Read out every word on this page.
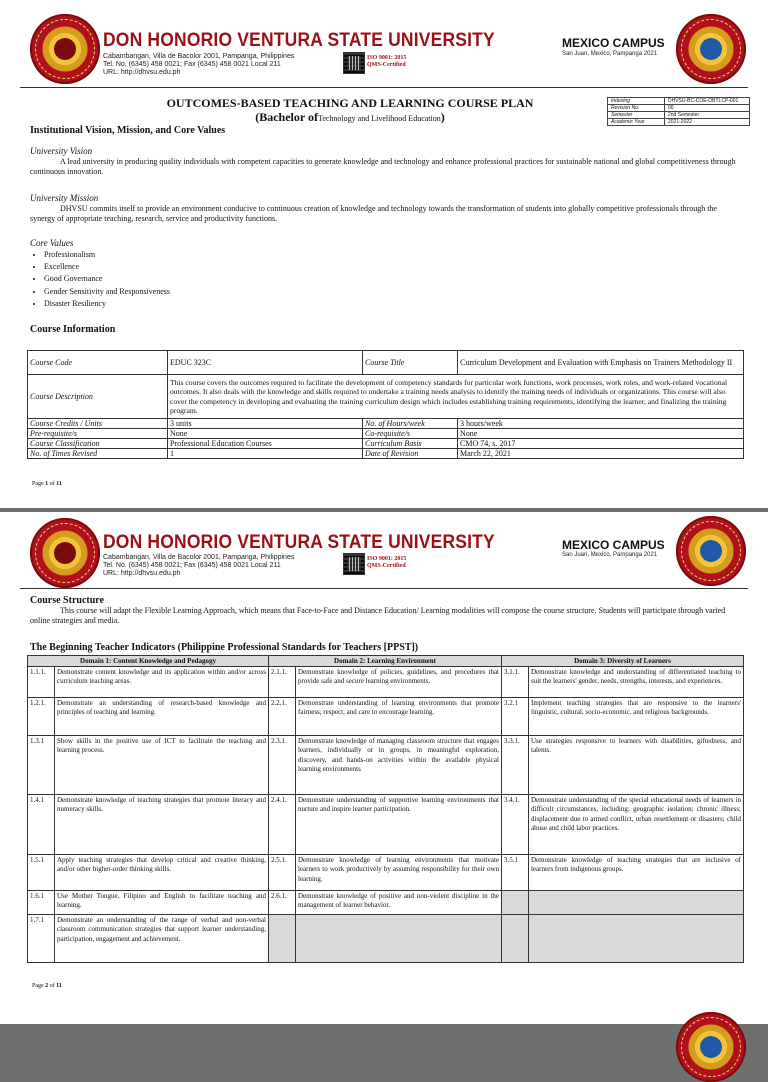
DON HONORIO VENTURA STATE UNIVERSITY
Cabambangan, Villa de Bacolor 2001, Pampanga, Philippines
Tel. No. (6345) 458 0021; Fax (6345) 458 0021 Local 211
URL: http://dhvsu.edu.ph
ISO 9001: 2015
QMS-Certified
MEXICO CAMPUS
San Juan, Mexico, Pampanga 2021
OUTCOMES-BASED TEACHING AND LEARNING COURSE PLAN
(Bachelor ofTechnology and Livelihood Education)
Indexing	DHVSU-BC-COE-OBTLCP-001
Revision No.	00
Semester	2nd Semester
Academic Year	2021-2022
Institutional Vision, Mission, and Core Values
University Vision
A lead university in producing quality individuals with competent capacities to generate knowledge and technology and enhance professional practices for sustainable national and global competitiveness through continuous innovation.
University Mission
DHVSU commits itself to provide an environment conducive to continuous creation of knowledge and technology towards the transformation of students into globally competitive professionals through the synergy of appropriate teaching, research, service and productivity functions.
Core Values
• Professionalism
• Excellence
• Good Governance
• Gender Sensitivity and Responsiveness
• Disaster Resiliency
Course Information
Course Code	EDUC 323C	Course Title	Curriculum Development and Evaluation with Emphasis on Trainers Methodology II
Course Description	This course covers the outcomes required to facilitate the development of competency standards for particular work functions, work processes, work roles, and work-related vocational outcomes. It also deals with the knowledge and skills required to undertake a training needs analysis to identify the training needs of individuals or organizations. This course will also cover the competency in developing and evaluating the training curriculum design which includes establishing training requirements, identifying the learner, and finalizing the training program.		
Course Credits / Units	3 units	No. of Hours/week	3 hours/week
Pre-requisite/s	None	Co-requisite/s	None
Course Classification	Professional Education Courses	Curriculum Basis	CMO 74, s. 2017
No. of Times Revised	1	Date of Revision	March 22, 2021
Page 1 of 11
DON HONORIO VENTURA STATE UNIVERSITY
Cabambangan, Villa de Bacolor 2001, Pampanga, Philippines
Tel. No. (6345) 458 0021; Fax (6345) 458 0021 Local 211
URL: http://dhvsu.edu.ph
ISO 9001: 2015
QMS-Certified
MEXICO CAMPUS
San Juan, Mexico, Pampanga 2021
Course Structure
This course will adapt the Flexible Learning Approach, which means that Face-to-Face and Distance Education/ Learning modalities will compose the course structure. Students will participate through varied online strategies and media.
The Beginning Teacher Indicators (Philippine Professional Standards for Teachers [PPST])
Domain 1: Content Knowledge and Pedagogy		Domain 2: Learning Environment		Domain 3: Diversity of Learners	
1.1.1.	Demonstrate content knowledge and its application within and/or across curriculum teaching areas.	2.1.1.	Demonstrate knowledge of policies, guidelines, and procedures that provide safe and secure learning environments.	3.1.1.	Demonstrate knowledge and understanding of differentiated teaching to suit the learners' gender, needs, strengths, interests, and experiences.
1.2.1.	Demonstrate an understanding of research-based knowledge and principles of teaching and learning.	2.2.1.	Demonstrate understanding of learning environments that promote fairness, respect, and care to encourage learning.	3.2.1	Implement teaching strategies that are responsive to the learners' linguistic, cultural, socio-economic, and religious backgrounds.
1.3.1	Show skills in the positive use of ICT to facilitate the teaching and learning process.	2.3.1.	Demonstrate knowledge of managing classroom structure that engages learners, individually or in groups, in meaningful exploration, discovery, and hands-on activities within the available physical learning environments	3.3.1.	Use strategies responsive to learners with disabilities, giftedness, and talents.
1.4.1	Demonstrate knowledge of teaching strategies that promote literacy and numeracy skills.	2.4.1.	Demonstrate understanding of supportive learning environments that nurture and inspire learner participation.	3.4.1.	Demonstrate understanding of the special educational needs of learners in difficult circumstances, including: geographic isolation; chronic illness; displacement due to armed conflict, urban resettlement or disasters; child abuse and child labor practices.
1.5.1	Apply teaching strategies that develop critical and creative thinking, and/or other higher-order thinking skills.	2.5.1.	Demonstrate knowledge of learning environments that motivate learners to work productively by assuming responsibility for their own learning.	3.5.1	Demonstrate knowledge of teaching strategies that are inclusive of learners from indigenous groups.
1.6.1	Use Mother Tongue, Filipino and English to facilitate teaching and learning.	2.6.1.	Demonstrate knowledge of positive and non-violent discipline in the management of learner behavior.		
1.7.1	Demonstrate an understanding of the range of verbal and non-verbal classroom communication strategies that support learner understanding, participation, engagement and achievement.				
Page 2 of 11
